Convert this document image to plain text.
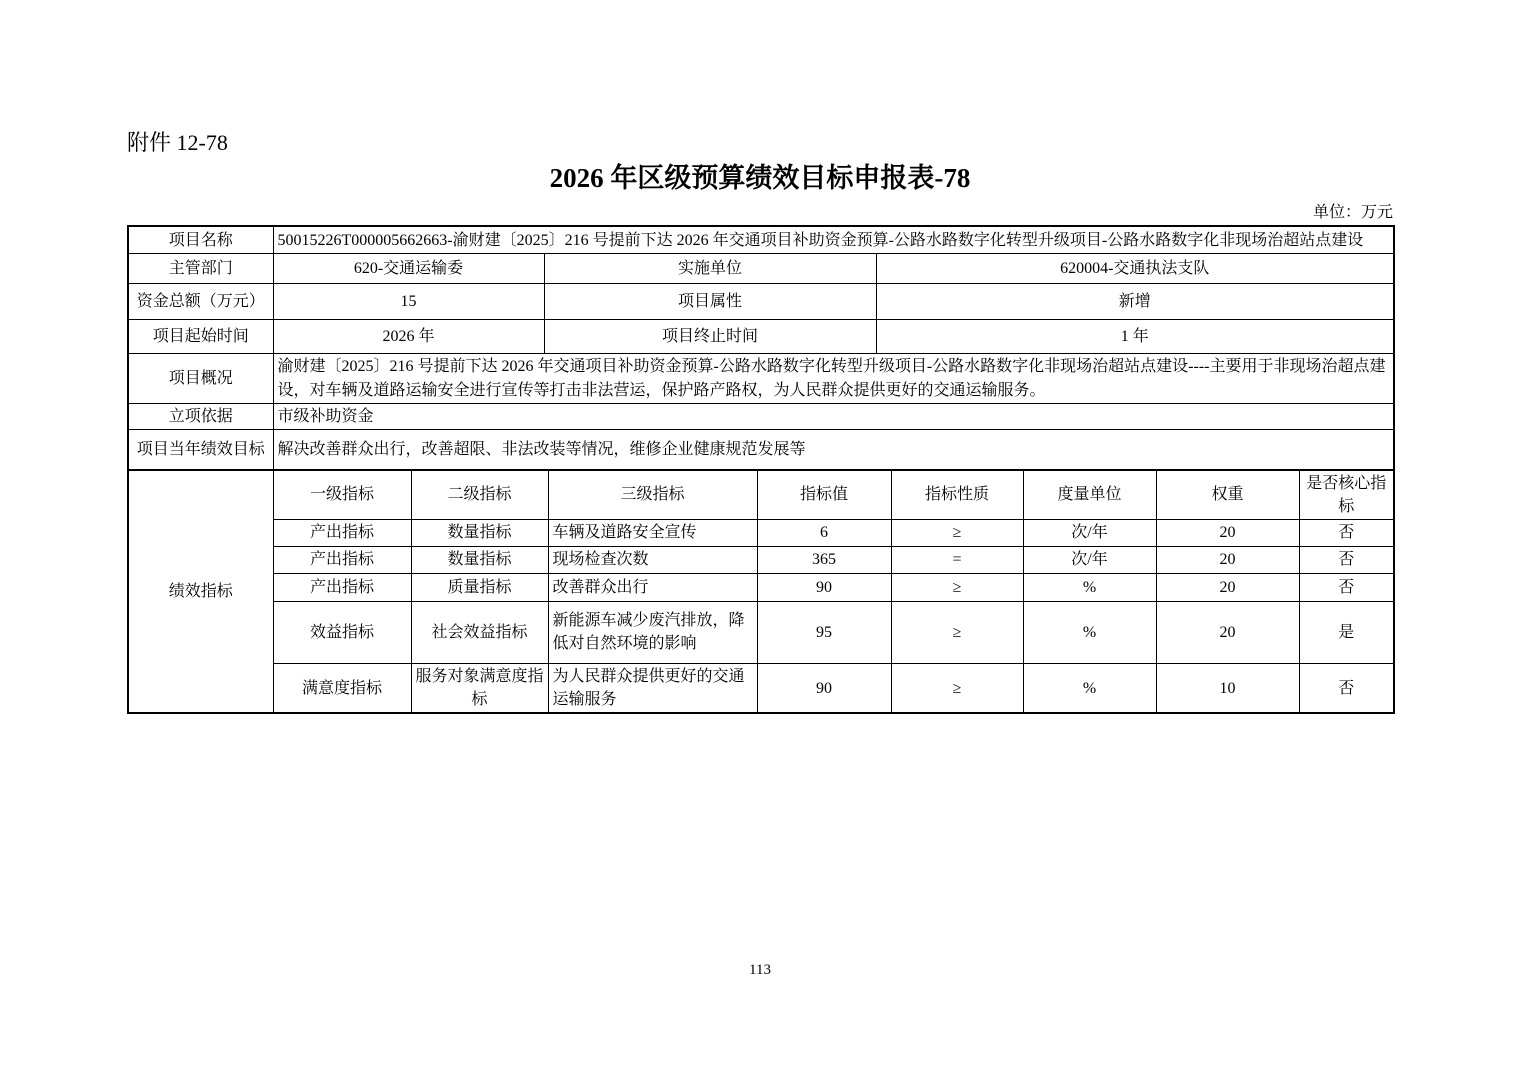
附件 12-78
2026 年区级预算绩效目标申报表-78
单位：万元
项目名称	50015226T000005662663-渝财建〔2025〕216 号提前下达 2026 年交通项目补助资金预算-公路水路数字化转型升级项目-公路水路数字化非现场治超站点建设		
主管部门	620-交通运输委	实施单位	620004-交通执法支队
资金总额（万元）	15	项目属性	新增
项目起始时间	2026 年	项目终止时间	1 年
项目概况	渝财建〔2025〕216 号提前下达 2026 年交通项目补助资金预算-公路水路数字化转型升级项目-公路水路数字化非现场治超站点建设----主要用于非现场治超点建设，对车辆及道路运输安全进行宣传等打击非法营运，保护路产路权，为人民群众提供更好的交通运输服务。		
立项依据	市级补助资金		
项目当年绩效目标	解决改善群众出行，改善超限、非法改装等情况，维修企业健康规范发展等		
绩效指标	一级指标	二级指标	三级指标	指标值	指标性质	度量单位	权重	是否核心指标
	产出指标	数量指标	车辆及道路安全宣传	6	≥	次/年	20	否
	产出指标	数量指标	现场检查次数	365	=	次/年	20	否
	产出指标	质量指标	改善群众出行	90	≥	%	20	否
	效益指标	社会效益指标	新能源车减少废汽排放，降低对自然环境的影响	95	≥	%	20	是
	满意度指标	服务对象满意度指标	为人民群众提供更好的交通运输服务	90	≥	%	10	否
113
